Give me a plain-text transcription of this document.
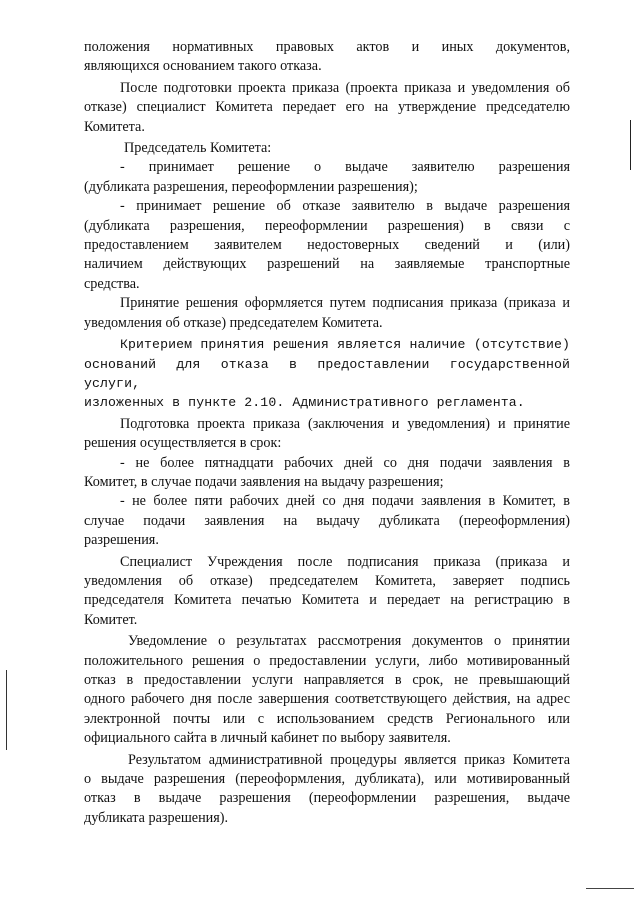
положения нормативных правовых актов и иных документов,

являющихся основанием такого отказа.

После подготовки проекта приказа (проекта приказа и уведомления об

отказе) специалист Комитета передает его на утверждение председателю

Комитета.

Председатель Комитета:

- принимает решение о выдаче заявителю разрешения

(дубликата разрешения, переоформлении разрешения);

- принимает решение об отказе заявителю в выдаче разрешения

(дубликата разрешения, переоформлении разрешения) в связи с

предоставлением заявителем недостоверных сведений и (или)

наличием действующих разрешений на заявляемые транспортные

средства.

Принятие решения оформляется путем подписания приказа (приказа и

уведомления об отказе) председателем Комитета.

Критерием принятия решения является наличие (отсутствие)

оснований для отказа в предоставлении государственной услуги,

изложенных в пункте 2.10. Административного регламента.

Подготовка проекта приказа (заключения и уведомления) и принятие

решения осуществляется в срок:

- не более пятнадцати рабочих дней со дня подачи заявления в

Комитет, в случае подачи заявления на выдачу разрешения;

- не более пяти рабочих дней со дня подачи заявления в Комитет, в

случае подачи заявления на выдачу дубликата (переоформления)

разрешения.

Специалист Учреждения после подписания приказа (приказа и

уведомления об отказе) председателем Комитета, заверяет подпись

председателя Комитета печатью Комитета и передает на регистрацию в

Комитет.

Уведомление о результатах рассмотрения документов о принятии

положительного решения о предоставлении услуги, либо мотивированный

отказ в предоставлении услуги направляется в срок, не превышающий

одного рабочего дня после завершения соответствующего действия, на адрес

электронной почты или с использованием средств Регионального или

официального сайта в личный кабинет по выбору заявителя.

Результатом административной процедуры является приказ Комитета

о выдаче разрешения (переоформления, дубликата), или мотивированный

отказ в выдаче разрешения (переоформлении разрешения, выдаче

дубликата разрешения).
